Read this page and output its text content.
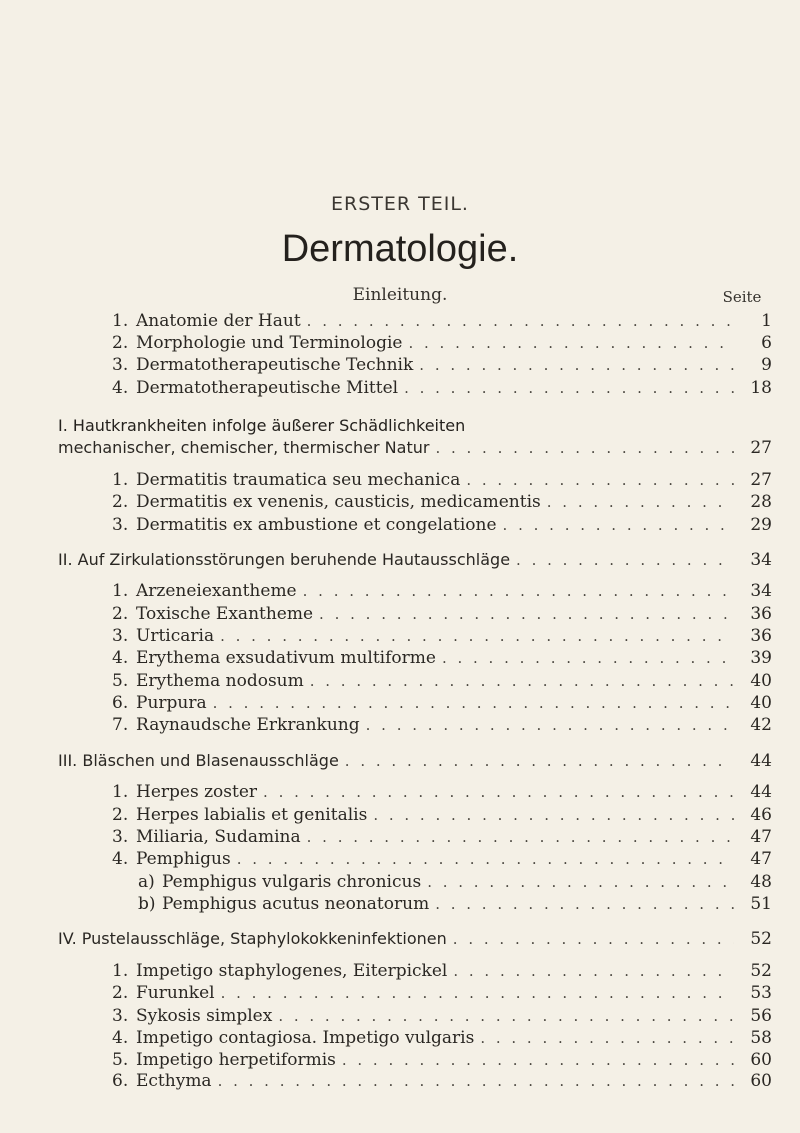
ERSTER TEIL.
Dermatologie.
Einleitung.	Seite
1. Anatomie der Haut . . .	1
2. Morphologie und Terminologie . . .	6
3. Dermatotherapeutische Technik . . .	9
4. Dermatotherapeutische Mittel . . .	18
I. Hautkrankheiten infolge äußerer Schädlichkeiten
mechanischer, chemischer, thermischer Natur . . .	27
1. Dermatitis traumatica seu mechanica . . .	27
2. Dermatitis ex venenis, causticis, medicamentis . . .	28
3. Dermatitis ex ambustione et congelatione . . .	29
II.
Auf Zirkulationsstörungen beruhende Hautausschläge . . .	34
1. Arzeneiexantheme . . .	34
2. Toxische Exantheme . . .	36
3. Urticaria . . .	36
4. Erythema exsudativum multiforme . . .	39
5. Erythema nodosum . . .	40
6. Purpura . . .	40
7. Raynaudsche Erkrankung . . .	42
III.
Bläschen und Blasenausschläge . . .	44
1. Herpes zoster . . .	44
2. Herpes labialis et genitalis . . .	46
3. Miliaria, Sudamina . . .	47
4. Pemphigus . . .	47
a) Pemphigus vulgaris chronicus . . .	48
b) Pemphigus acutus neonatorum . . .	51
IV.
Pustelausschläge, Staphylokokkeninfektionen . . .	52
1. Impetigo staphylogenes, Eiterpickel . . .	52
2. Furunkel . . .	53
3. Sykosis simplex . . .	56
4. Impetigo contagiosa. Impetigo vulgaris . . .	58
5. Impetigo herpetiformis . . .	60
6. Ecthyma . . .	60
